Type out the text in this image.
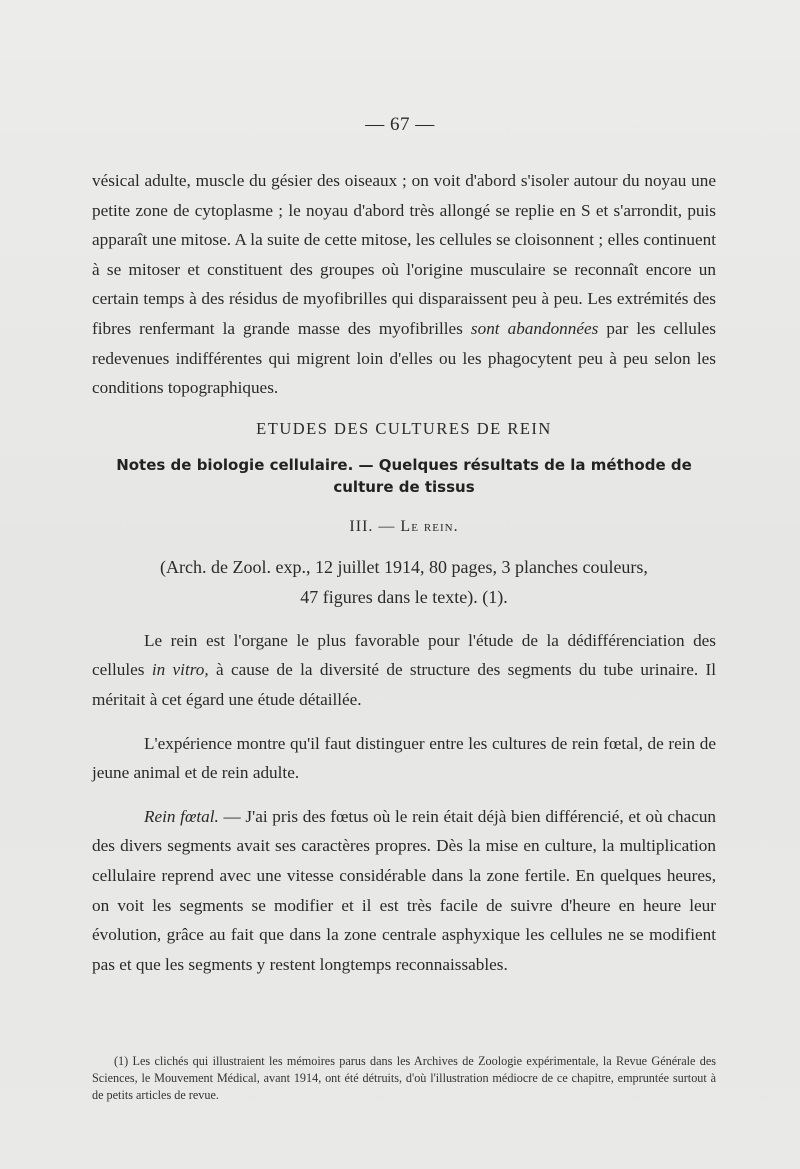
— 67 —

vésical adulte, muscle du gésier des oiseaux ; on voit d'abord s'isoler autour du noyau une petite zone de cytoplasme ; le noyau d'abord très allongé se replie en S et s'arrondit, puis apparaît une mitose. A la suite de cette mitose, les cellules se cloisonnent ; elles continuent à se mitoser et constituent des groupes où l'origine musculaire se reconnaît encore un certain temps à des résidus de myofibrilles qui disparaissent peu à peu. Les extrémités des fibres renfermant la grande masse des myofibrilles sont abandonnées par les cellules redevenues indifférentes qui migrent loin d'elles ou les phagocytent peu à peu selon les conditions topographiques.

ETUDES DES CULTURES DE REIN
Notes de biologie cellulaire. — Quelques résultats de la méthode de culture de tissus
III. — Le rein.
(Arch. de Zool. exp., 12 juillet 1914, 80 pages, 3 planches couleurs,
47 figures dans le texte). (1).

Le rein est l'organe le plus favorable pour l'étude de la dédifférenciation des cellules in vitro, à cause de la diversité de structure des segments du tube urinaire. Il méritait à cet égard une étude détaillée.

L'expérience montre qu'il faut distinguer entre les cultures de rein fœtal, de rein de jeune animal et de rein adulte.

Rein fœtal. — J'ai pris des fœtus où le rein était déjà bien différencié, et où chacun des divers segments avait ses caractères propres. Dès la mise en culture, la multiplication cellulaire reprend avec une vitesse considérable dans la zone fertile. En quelques heures, on voit les segments se modifier et il est très facile de suivre d'heure en heure leur évolution, grâce au fait que dans la zone centrale asphyxique les cellules ne se modifient pas et que les segments y restent longtemps reconnaissables.

(1) Les clichés qui illustraient les mémoires parus dans les Archives de Zoologie expérimentale, la Revue Générale des Sciences, le Mouvement Médical, avant 1914, ont été détruits, d'où l'illustration médiocre de ce chapitre, empruntée surtout à de petits articles de revue.
